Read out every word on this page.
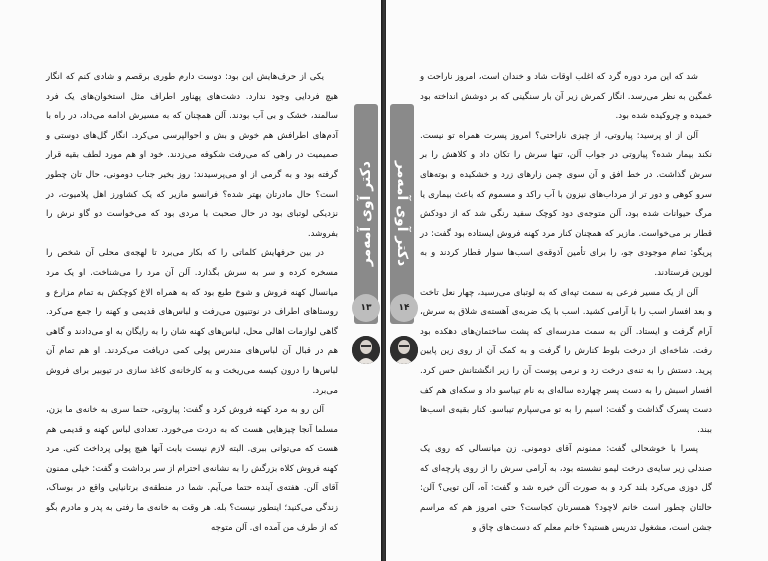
یکی از حرف‌هایش این بود: دوست دارم طوری برقصم و شادی کنم که انگار هیچ فردایی وجود ندارد. دشت‌های پهناور اطراف مثل استخوان‌های یک فرد سالمند، خشک و بی آب بودند. آلن همچنان که به مسیرش ادامه می‌داد، در راه با آدم‌های اطرافش هم خوش و بش و احوالپرسی می‌کرد. انگار گل‌های دوستی و صمیمیت در راهی که می‌رفت شکوفه می‌زدند. خود او هم مورد لطف بقیه قرار گرفته بود و به گرمی از او می‌پرسیدند: روز بخیر جناب دومونی، حال تان چطور است؟ حال مادرتان بهتر شده؟ فرانسو مازیر که یک کشاورز اهل پلامیوت، در نزدیکی لوتبای بود در حال صحبت با مردی بود که می‌خواست دو گاو نرش را بفروشد.

در بین حرفهایش کلماتی را که بکار می‌برد تا لهجه‌ی محلی آن شخص را مسخره کرده و سر به سرش بگذارد. آلن آن مرد را می‌شناخت. او یک مرد میانسال کهنه فروش و شوخ طبع بود که به همراه الاغ کوچکش به تمام مزارع و روستاهای اطراف در نوتنیون می‌رفت و لباس‌های قدیمی و کهنه را جمع می‌کرد. گاهی لوازمات اهالی محل، لباس‌های کهنه شان را به رایگان به او می‌دادند و گاهی هم در قبال آن لباس‌های مندرس پولی کمی دریافت می‌کردند. او هم تمام آن لباس‌ها را درون کیسه می‌ریخت و به کارخانه‌ی کاغذ سازی در تیوبیر برای فروش می‌برد.

آلن رو به مرد کهنه فروش کرد و گفت: پیاروتی، حتما سری به خانه‌ی ما بزن، مسلما آنجا چیزهایی هست که به دردت می‌خورد. تعدادی لباس کهنه و قدیمی هم هست که می‌توانی ببری. البته لازم نیست بابت آنها هیچ پولی پرداخت کنی. مرد کهنه فروش کلاه بزرگش را به نشانه‌ی احترام از سر برداشت و گفت: خیلی ممنون آقای آلن. هفته‌ی آینده حتما می‌آیم. شما در منطقه‌ی برتانیایی واقع در بوساک، زندگی می‌کنید؛ اینطور نیست؟ بله. هر وقت به خانه‌ی ما رفتی به پدر و مادرم بگو که از طرف من آمده ای. آلن متوجه

دکتر آوی آمه‌مر
۱۳

شد که این مرد دوره گرد که اغلب اوقات شاد و خندان است، امروز ناراحت و غمگین به نظر می‌رسد. انگار کمرش زیر آن بار سنگینی که بر دوشش انداخته بود خمیده و چروکیده شده بود.

آلن از او پرسید: پیاروتی، از چیزی ناراحتی؟ امروز پسرت همراه تو نیست. نکند بیمار شده؟ پیاروتی در جواب آلن، تنها سرش را تکان داد و کلاهش را بر سرش گذاشت. در خط افق و آن سوی چمن زارهای زرد و خشکیده و بوته‌های سرو کوهی و دور تر از مرداب‌های نیزون با آب راکد و مسموم که باعث بیماری یا مرگ حیوانات شده بود، آلن متوجه‌ی دود کوچک سفید رنگی شد که از دودکش قطار بر می‌خواست. مازیر که همچنان کنار مرد کهنه فروش ایستاده بود گفت: در پریگو: تمام موجودی جو، را برای تأمین آذوقه‌ی اسب‌ها سوار قطار کردند و به لورین فرستادند.

آلن از یک مسیر فرعی به سمت تپه‌ای که به لوتبای می‌رسید، چهار نعل تاخت و بعد افسار اسب را با آرامی کشید. اسب با یک ضربه‌ی آهسته‌ی شلاق به سرش، آرام گرفت و ایستاد. آلن به سمت مدرسه‌ای که پشت ساختمان‌های دهکده بود رفت. شاخه‌ای از درخت بلوط کنارش را گرفت و به کمک آن از روی زین پایین پرید. دستش را به تنه‌ی درخت زد و نرمی پوست آن را زیر انگشتانش حس کرد. افسار اسبش را به دست پسر چهارده ساله‌ای به نام تیباسو داد و سکه‌ای هم کف دست پسرک گذاشت و گفت: اسبم را به تو می‌سپارم تیباسو. کنار بقیه‌ی اسب‌ها ببند.

پسرا با خوشحالی گفت: ممنونم آقای دومونی. زن میانسالی که روی یک صندلی زیر سایه‌ی درخت لیمو نشسته بود، به آرامی سرش را از روی پارچه‌ای که گل دوزی می‌کرد بلند کرد و به صورت آلن خیره شد و گفت: آه، آلن تویی؟ آلن: حالتان چطور است خانم لاچود؟ همسرتان کجاست؟ حتی امروز هم که مراسم جشن است، مشغول تدریس هستید؟ خانم معلم که دست‌های چاق و

دکتر آوی آمه‌مر
۱۴
